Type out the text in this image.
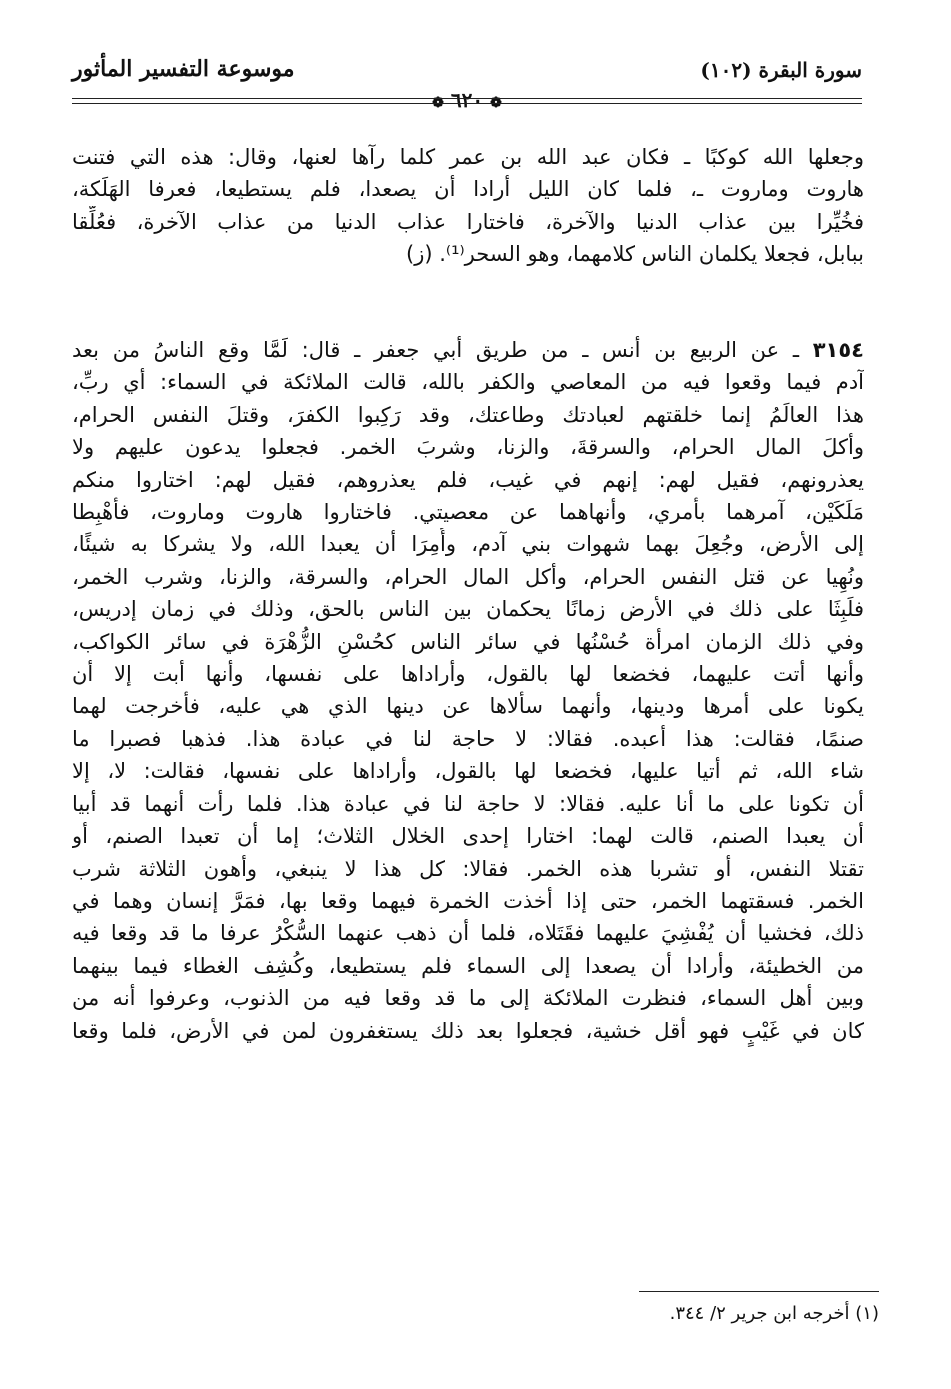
موسوعة التفسير المأثور
❁ ٦٢٠ ❁
سورة البقرة (١٠٢)
وجعلها الله كوكبًا ـ فكان عبد الله بن عمر كلما رآها لعنها، وقال: هذه التي فتنت
هاروت وماروت ـ، فلما كان الليل أرادا أن يصعدا، فلم يستطيعا، فعرفا الهَلَكة،
فخُيِّرا بين عذاب الدنيا والآخرة، فاختارا عذاب الدنيا من عذاب الآخرة، فعُلِّقا
ببابل، فجعلا يكلمان الناس كلامهما، وهو السحر⁽¹⁾. (ز)
٣١٥٤ ـ عن الربيع بن أنس ـ من طريق أبي جعفر ـ قال: لَمَّا وقع الناسُ من بعد
آدم فيما وقعوا فيه من المعاصي والكفر بالله، قالت الملائكة في السماء: أي ربِّ،
هذا العالَمُ إنما خلقتهم لعبادتك وطاعتك، وقد رَكِبوا الكفرَ، وقتلَ النفس الحرام،
وأكلَ المال الحرام، والسرقةَ، والزنا، وشربَ الخمر. فجعلوا يدعون عليهم ولا
يعذرونهم، فقيل لهم: إنهم في غيب، فلم يعذروهم، فقيل لهم: اختاروا منكم
مَلَكَيْن، آمرهما بأمري، وأنهاهما عن معصيتي. فاختاروا هاروت وماروت، فأُهْبِطا
إلى الأرض، وجُعِلَ بهما شهوات بني آدم، وأُمِرَا أن يعبدا الله، ولا يشركا به شيئًا،
ونُهِيا عن قتل النفس الحرام، وأكل المال الحرام، والسرقة، والزنا، وشرب الخمر،
فلَبِثَا على ذلك في الأرض زمانًا يحكمان بين الناس بالحق، وذلك في زمان إدريس،
وفي ذلك الزمان امرأة حُسْنُها في سائر الناس كحُسْنِ الزُّهْرَة في سائر الكواكب،
وأنها أتت عليهما، فخضعا لها بالقول، وأراداها على نفسها، وأنها أبت إلا أن
يكونا على أمرها ودينها، وأنهما سألاها عن دينها الذي هي عليه، فأخرجت لهما
صنمًا، فقالت: هذا أعبده. فقالا: لا حاجة لنا في عبادة هذا. فذهبا فصبرا ما
شاء الله، ثم أتيا عليها، فخضعا لها بالقول، وأراداها على نفسها، فقالت: لا، إلا
أن تكونا على ما أنا عليه. فقالا: لا حاجة لنا في عبادة هذا. فلما رأت أنهما قد أبيا
أن يعبدا الصنم، قالت لهما: اختارا إحدى الخلال الثلاث؛ إما أن تعبدا الصنم، أو
تقتلا النفس، أو تشربا هذه الخمر. فقالا: كل هذا لا ينبغي، وأهون الثلاثة شرب
الخمر. فسقتهما الخمر، حتى إذا أخذت الخمرة فيهما وقعا بها، فمَرَّ إنسان وهما في
ذلك، فخشيا أن يُفْشِيَ عليهما فقَتَلاه، فلما أن ذهب عنهما السُّكْرُ عرفا ما قد وقعا فيه
من الخطيئة، وأرادا أن يصعدا إلى السماء فلم يستطيعا، وكُشِف الغطاء فيما بينهما
وبين أهل السماء، فنظرت الملائكة إلى ما قد وقعا فيه من الذنوب، وعرفوا أنه من
كان في غَيْبٍ فهو أقل خشية، فجعلوا بعد ذلك يستغفرون لمن في الأرض، فلما وقعا
(١) أخرجه ابن جرير ٢/ ٣٤٤.
